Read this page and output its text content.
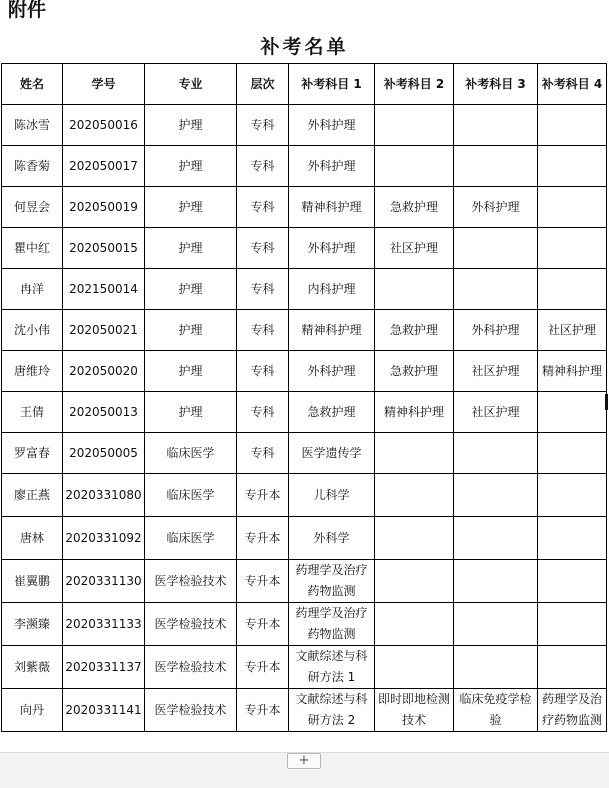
附件
补考名单
姓名	学号	专业	层次	补考科目 1	补考科目 2	补考科目 3	补考科目 4
陈冰雪	202050016	护理	专科	外科护理			
陈香菊	202050017	护理	专科	外科护理			
何昱会	202050019	护理	专科	精神科护理	急救护理	外科护理	
瞿中红	202050015	护理	专科	外科护理	社区护理		
冉洋	202150014	护理	专科	内科护理			
沈小伟	202050021	护理	专科	精神科护理	急救护理	外科护理	社区护理
唐维玲	202050020	护理	专科	外科护理	急救护理	社区护理	精神科护理
王倩	202050013	护理	专科	急救护理	精神科护理	社区护理	
罗富春	202050005	临床医学	专科	医学遗传学			
廖正燕	2020331080	临床医学	专升本	儿科学			
唐林	2020331092	临床医学	专升本	外科学			
崔翼鹏	2020331130	医学检验技术	专升本	药理学及治疗药物监测			
李濒臻	2020331133	医学检验技术	专升本	药理学及治疗药物监测			
刘紫薇	2020331137	医学检验技术	专升本	文献综述与科研方法 1			
向丹	2020331141	医学检验技术	专升本	文献综述与科研方法 2	即时即地检测技术	临床免疫学检验	药理学及治疗药物监测
+
